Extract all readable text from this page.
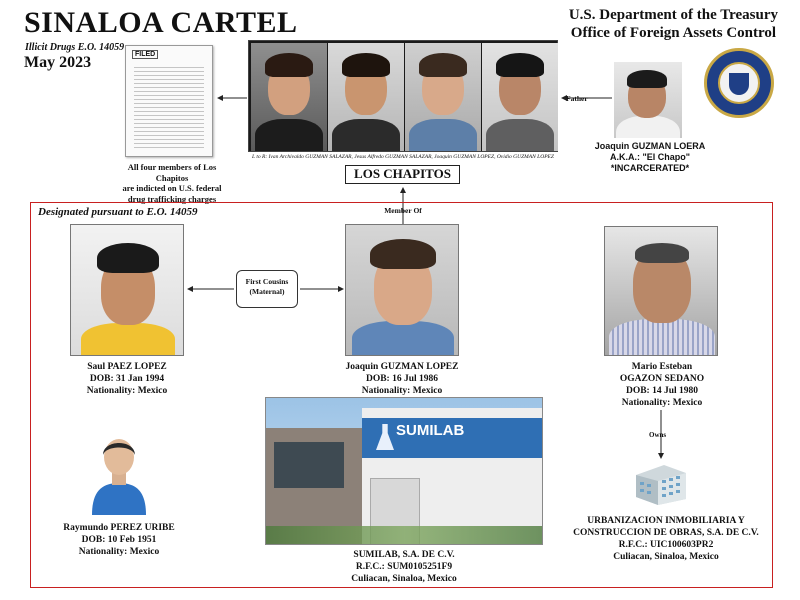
SINALOA CARTEL
Illicit Drugs E.O. 14059
May 2023
U.S. Department of the Treasury
Office of Foreign Assets Control
FILED
All four members of Los Chapitos
are indicted on U.S. federal
drug trafficking charges
L to R: Ivan Archivaldo GUZMAN SALAZAR, Jesus Alfredo GUZMAN SALAZAR, Joaquin GUZMAN LOPEZ, Ovidio GUZMAN LOPEZ
LOS CHAPITOS
Father
Joaquin GUZMAN LOERA
A.K.A.: "El Chapo"
*INCARCERATED*
Designated pursuant to E.O. 14059	Member Of
Saul PAEZ LOPEZ
DOB: 31 Jan 1994
Nationality: Mexico
First Cousins
(Maternal)
Joaquin GUZMAN LOPEZ
DOB: 16 Jul 1986
Nationality: Mexico
Mario Esteban
OGAZON SEDANO
DOB: 14 Jul 1980
Nationality: Mexico
Owns
SUMILAB
SUMILAB, S.A. DE C.V.
R.F.C.: SUM0105251F9
Culiacan, Sinaloa, Mexico
Raymundo PEREZ URIBE
DOB: 10 Feb 1951
Nationality: Mexico
URBANIZACION INMOBILIARIA Y
CONSTRUCCION DE OBRAS, S.A. DE C.V.
R.F.C.: UIC100603PR2
Culiacan, Sinaloa, Mexico
